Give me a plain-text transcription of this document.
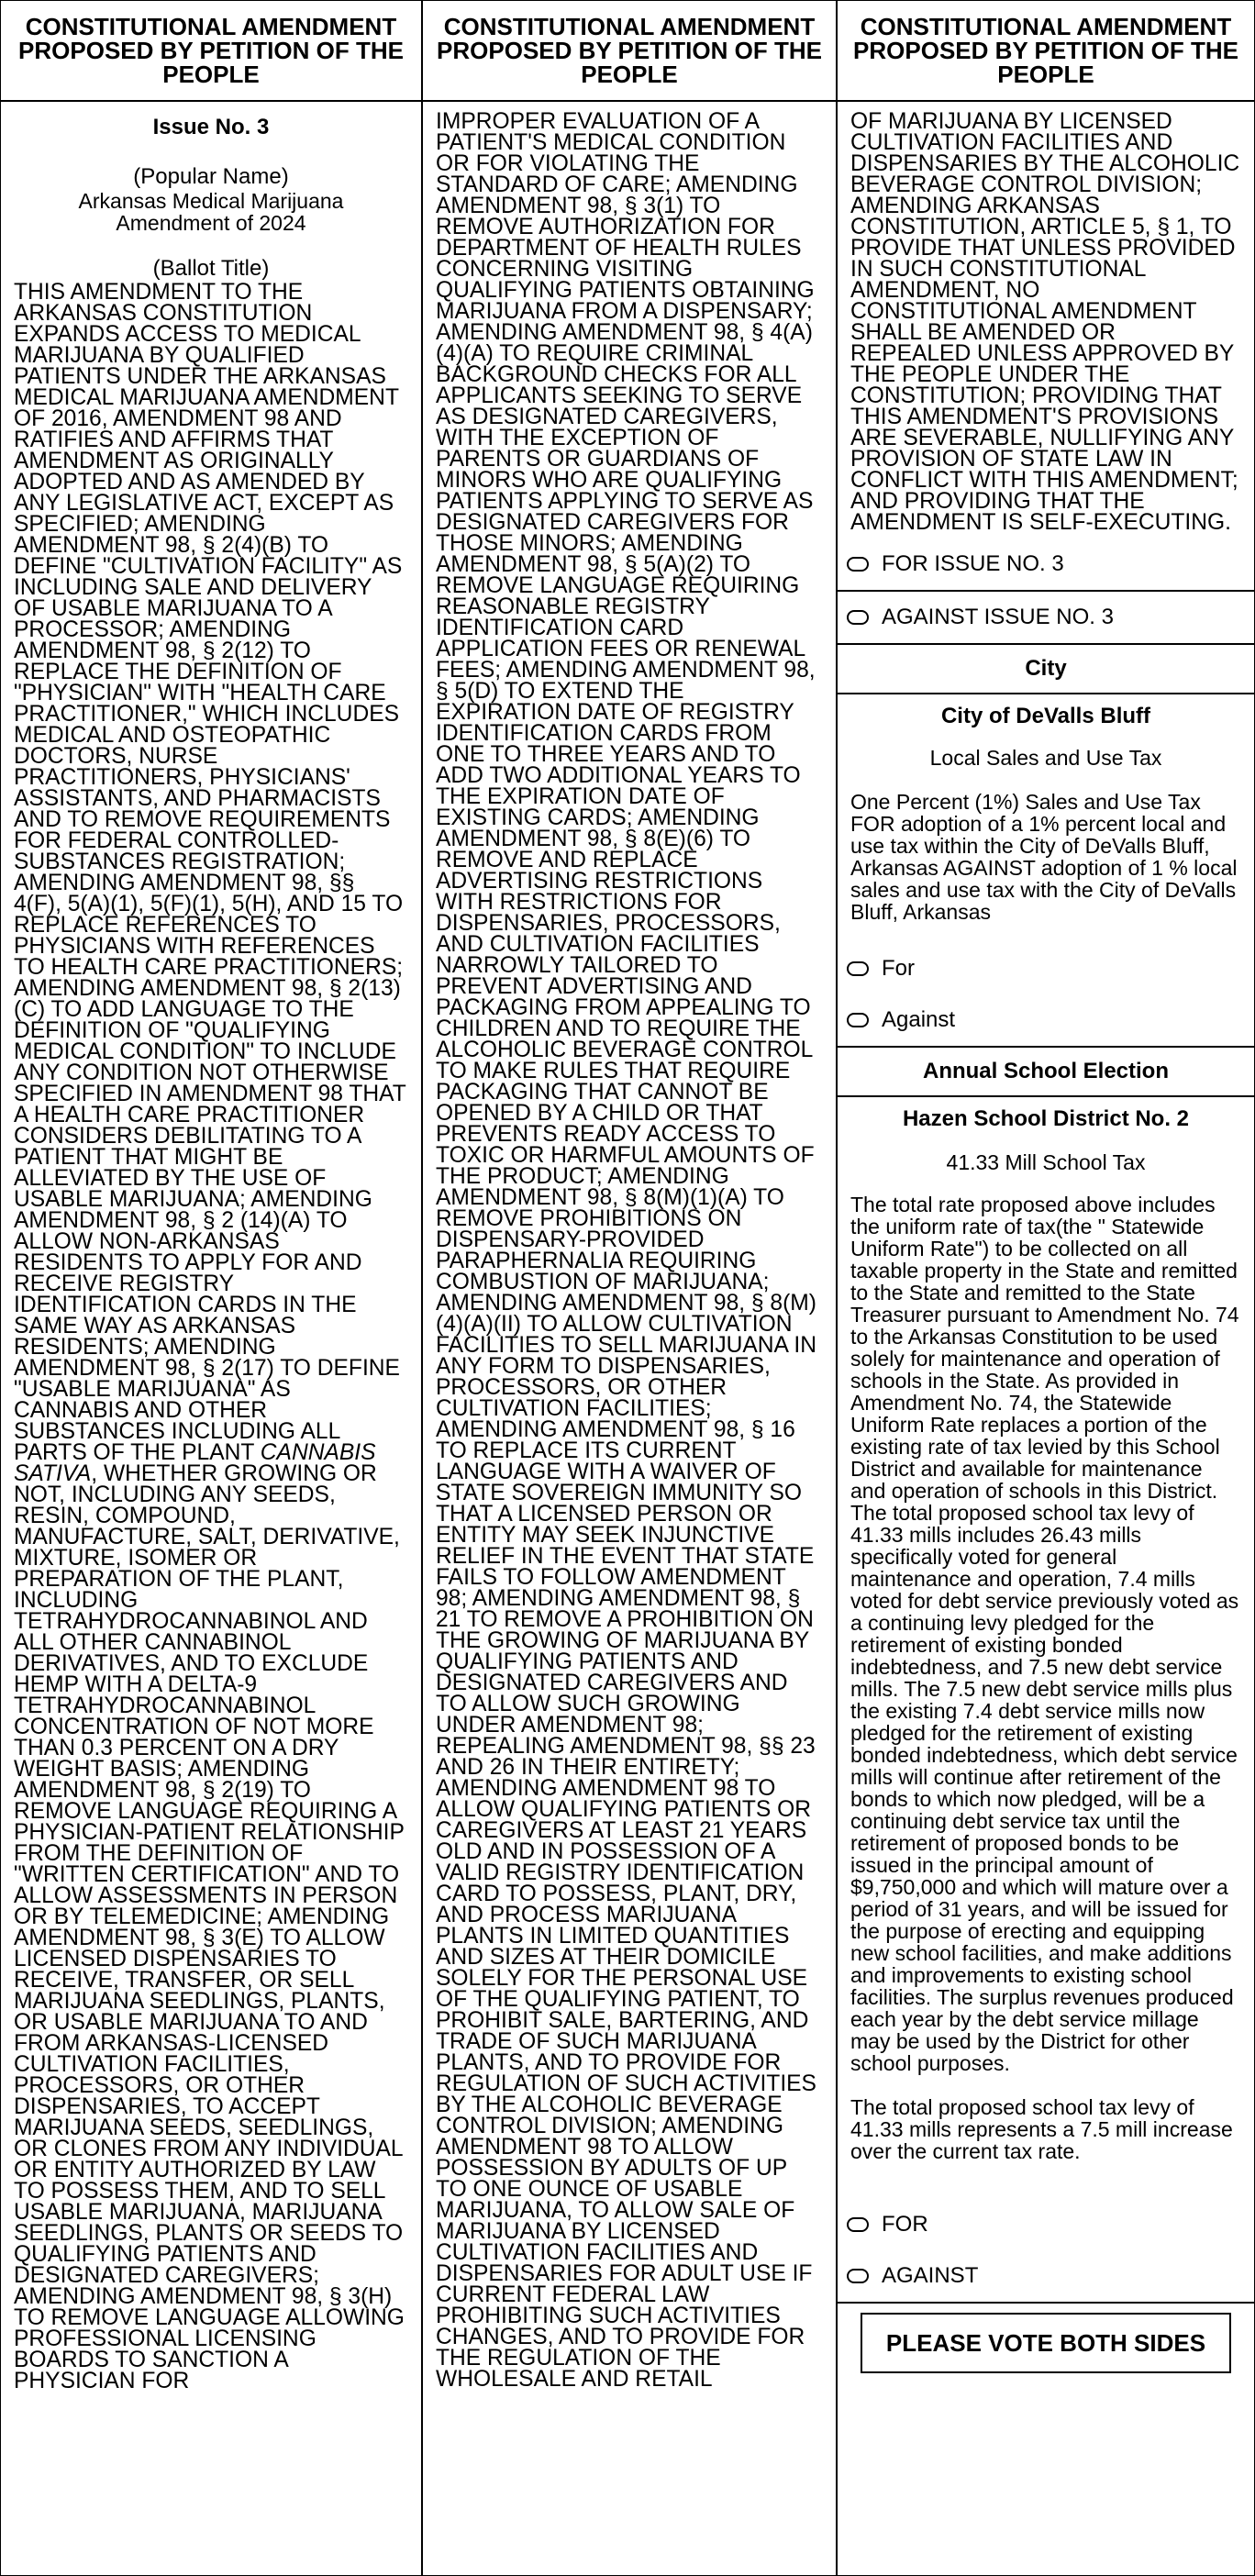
CONSTITUTIONAL AMENDMENT PROPOSED BY PETITION OF THE PEOPLE
Issue No. 3
(Popular Name)
Arkansas Medical Marijuana Amendment of 2024
(Ballot Title)
THIS AMENDMENT TO THE ARKANSAS CONSTITUTION EXPANDS ACCESS TO MEDICAL MARIJUANA BY QUALIFIED PATIENTS UNDER THE ARKANSAS MEDICAL MARIJUANA AMENDMENT OF 2016, AMENDMENT 98 AND RATIFIES AND AFFIRMS THAT AMENDMENT AS ORIGINALLY ADOPTED AND AS AMENDED BY ANY LEGISLATIVE ACT, EXCEPT AS SPECIFIED; AMENDING AMENDMENT 98, § 2(4)(B) TO DEFINE "CULTIVATION FACILITY" AS INCLUDING SALE AND DELIVERY OF USABLE MARIJUANA TO A PROCESSOR; AMENDING AMENDMENT 98, § 2(12) TO REPLACE THE DEFINITION OF "PHYSICIAN" WITH "HEALTH CARE PRACTITIONER," WHICH INCLUDES MEDICAL AND OSTEOPATHIC DOCTORS, NURSE PRACTITIONERS, PHYSICIANS' ASSISTANTS, AND PHARMACISTS AND TO REMOVE REQUIREMENTS FOR FEDERAL CONTROLLED-SUBSTANCES REGISTRATION; AMENDING AMENDMENT 98, §§ 4(F), 5(A)(1), 5(F)(1), 5(H), AND 15 TO REPLACE REFERENCES TO PHYSICIANS WITH REFERENCES TO HEALTH CARE PRACTITIONERS; AMENDING AMENDMENT 98, § 2(13)(C) TO ADD LANGUAGE TO THE DEFINITION OF "QUALIFYING MEDICAL CONDITION" TO INCLUDE ANY CONDITION NOT OTHERWISE SPECIFIED IN AMENDMENT 98 THAT A HEALTH CARE PRACTITIONER CONSIDERS DEBILITATING TO A PATIENT THAT MIGHT BE ALLEVIATED BY THE USE OF USABLE MARIJUANA; AMENDING AMENDMENT 98, § 2 (14)(A) TO ALLOW NON-ARKANSAS RESIDENTS TO APPLY FOR AND RECEIVE REGISTRY IDENTIFICATION CARDS IN THE SAME WAY AS ARKANSAS RESIDENTS; AMENDING AMENDMENT 98, § 2(17) TO DEFINE "USABLE MARIJUANA" AS CANNABIS AND OTHER SUBSTANCES INCLUDING ALL PARTS OF THE PLANT CANNABIS SATIVA, WHETHER GROWING OR NOT, INCLUDING ANY SEEDS, RESIN, COMPOUND, MANUFACTURE, SALT, DERIVATIVE, MIXTURE, ISOMER OR PREPARATION OF THE PLANT, INCLUDING TETRAHYDROCANNABINOL AND ALL OTHER CANNABINOL DERIVATIVES, AND TO EXCLUDE HEMP WITH A DELTA-9 TETRAHYDROCANNABINOL CONCENTRATION OF NOT MORE THAN 0.3 PERCENT ON A DRY WEIGHT BASIS; AMENDING AMENDMENT 98, § 2(19) TO REMOVE LANGUAGE REQUIRING A PHYSICIAN-PATIENT RELATIONSHIP FROM THE DEFINITION OF "WRITTEN CERTIFICATION" AND TO ALLOW ASSESSMENTS IN PERSON OR BY TELEMEDICINE; AMENDING AMENDMENT 98, § 3(E) TO ALLOW LICENSED DISPENSARIES TO RECEIVE, TRANSFER, OR SELL MARIJUANA SEEDLINGS, PLANTS, OR USABLE MARIJUANA TO AND FROM ARKANSAS-LICENSED CULTIVATION FACILITIES, PROCESSORS, OR OTHER DISPENSARIES, TO ACCEPT MARIJUANA SEEDS, SEEDLINGS, OR CLONES FROM ANY INDIVIDUAL OR ENTITY AUTHORIZED BY LAW TO POSSESS THEM, AND TO SELL USABLE MARIJUANA, MARIJUANA SEEDLINGS, PLANTS OR SEEDS TO QUALIFYING PATIENTS AND DESIGNATED CAREGIVERS; AMENDING AMENDMENT 98, § 3(H) TO REMOVE LANGUAGE ALLOWING PROFESSIONAL LICENSING BOARDS TO SANCTION A PHYSICIAN FOR
CONSTITUTIONAL AMENDMENT PROPOSED BY PETITION OF THE PEOPLE
IMPROPER EVALUATION OF A PATIENT'S MEDICAL CONDITION OR FOR VIOLATING THE STANDARD OF CARE; AMENDING AMENDMENT 98, § 3(1) TO REMOVE AUTHORIZATION FOR DEPARTMENT OF HEALTH RULES CONCERNING VISITING QUALIFYING PATIENTS OBTAINING MARIJUANA FROM A DISPENSARY; AMENDING AMENDMENT 98, § 4(A)(4)(A) TO REQUIRE CRIMINAL BACKGROUND CHECKS FOR ALL APPLICANTS SEEKING TO SERVE AS DESIGNATED CAREGIVERS, WITH THE EXCEPTION OF PARENTS OR GUARDIANS OF MINORS WHO ARE QUALIFYING PATIENTS APPLYING TO SERVE AS DESIGNATED CAREGIVERS FOR THOSE MINORS; AMENDING AMENDMENT 98, § 5(A)(2) TO REMOVE LANGUAGE REQUIRING REASONABLE REGISTRY IDENTIFICATION CARD APPLICATION FEES OR RENEWAL FEES; AMENDING AMENDMENT 98, § 5(D) TO EXTEND THE EXPIRATION DATE OF REGISTRY IDENTIFICATION CARDS FROM ONE TO THREE YEARS AND TO ADD TWO ADDITIONAL YEARS TO THE EXPIRATION DATE OF EXISTING CARDS; AMENDING AMENDMENT 98, § 8(E)(6) TO REMOVE AND REPLACE ADVERTISING RESTRICTIONS WITH RESTRICTIONS FOR DISPENSARIES, PROCESSORS, AND CULTIVATION FACILITIES NARROWLY TAILORED TO PREVENT ADVERTISING AND PACKAGING FROM APPEALING TO CHILDREN AND TO REQUIRE THE ALCOHOLIC BEVERAGE CONTROL TO MAKE RULES THAT REQUIRE PACKAGING THAT CANNOT BE OPENED BY A CHILD OR THAT PREVENTS READY ACCESS TO TOXIC OR HARMFUL AMOUNTS OF THE PRODUCT; AMENDING AMENDMENT 98, § 8(M)(1)(A) TO REMOVE PROHIBITIONS ON DISPENSARY-PROVIDED PARAPHERNALIA REQUIRING COMBUSTION OF MARIJUANA; AMENDING AMENDMENT 98, § 8(M)(4)(A)(II) TO ALLOW CULTIVATION FACILITIES TO SELL MARIJUANA IN ANY FORM TO DISPENSARIES, PROCESSORS, OR OTHER CULTIVATION FACILITIES; AMENDING AMENDMENT 98, § 16 TO REPLACE ITS CURRENT LANGUAGE WITH A WAIVER OF STATE SOVEREIGN IMMUNITY SO THAT A LICENSED PERSON OR ENTITY MAY SEEK INJUNCTIVE RELIEF IN THE EVENT THAT STATE FAILS TO FOLLOW AMENDMENT 98; AMENDING AMENDMENT 98, § 21 TO REMOVE A PROHIBITION ON THE GROWING OF MARIJUANA BY QUALIFYING PATIENTS AND DESIGNATED CAREGIVERS AND TO ALLOW SUCH GROWING UNDER AMENDMENT 98; REPEALING AMENDMENT 98, §§ 23 AND 26 IN THEIR ENTIRETY; AMENDING AMENDMENT 98 TO ALLOW QUALIFYING PATIENTS OR CAREGIVERS AT LEAST 21 YEARS OLD AND IN POSSESSION OF A VALID REGISTRY IDENTIFICATION CARD TO POSSESS, PLANT, DRY, AND PROCESS MARIJUANA PLANTS IN LIMITED QUANTITIES AND SIZES AT THEIR DOMICILE SOLELY FOR THE PERSONAL USE OF THE QUALIFYING PATIENT, TO PROHIBIT SALE, BARTERING, AND TRADE OF SUCH MARIJUANA PLANTS, AND TO PROVIDE FOR REGULATION OF SUCH ACTIVITIES BY THE ALCOHOLIC BEVERAGE CONTROL DIVISION; AMENDING AMENDMENT 98 TO ALLOW POSSESSION BY ADULTS OF UP TO ONE OUNCE OF USABLE MARIJUANA, TO ALLOW SALE OF MARIJUANA BY LICENSED CULTIVATION FACILITIES AND DISPENSARIES FOR ADULT USE IF CURRENT FEDERAL LAW PROHIBITING SUCH ACTIVITIES CHANGES, AND TO PROVIDE FOR THE REGULATION OF THE WHOLESALE AND RETAIL
CONSTITUTIONAL AMENDMENT PROPOSED BY PETITION OF THE PEOPLE
OF MARIJUANA BY LICENSED CULTIVATION FACILITIES AND DISPENSARIES BY THE ALCOHOLIC BEVERAGE CONTROL DIVISION; AMENDING ARKANSAS CONSTITUTION, ARTICLE 5, § 1, TO PROVIDE THAT UNLESS PROVIDED IN SUCH CONSTITUTIONAL AMENDMENT, NO CONSTITUTIONAL AMENDMENT SHALL BE AMENDED OR REPEALED UNLESS APPROVED BY THE PEOPLE UNDER THE CONSTITUTION; PROVIDING THAT THIS AMENDMENT'S PROVISIONS ARE SEVERABLE, NULLIFYING ANY PROVISION OF STATE LAW IN CONFLICT WITH THIS AMENDMENT; AND PROVIDING THAT THE AMENDMENT IS SELF-EXECUTING.
FOR ISSUE NO. 3
AGAINST ISSUE NO. 3
City
City of DeValls Bluff
Local Sales and Use Tax
One Percent (1%) Sales and Use Tax FOR adoption of a 1% percent local and use tax within the City of DeValls Bluff, Arkansas AGAINST adoption of 1 % local sales and use tax with the City of DeValls Bluff, Arkansas
For
Against
Annual School Election
Hazen School District No. 2
41.33 Mill School Tax
The total rate proposed above includes the uniform rate of tax(the " Statewide Uniform Rate") to be collected on all taxable property in the State and remitted to the State and remitted to the State Treasurer pursuant to Amendment No. 74 to the Arkansas Constitution to be used solely for maintenance and operation of schools in the State. As provided in Amendment No. 74, the Statewide Uniform Rate replaces a portion of the existing rate of tax levied by this School District and available for maintenance and operation of schools in this District. The total proposed school tax levy of 41.33 mills includes 26.43 mills specifically voted for general maintenance and operation, 7.4 mills voted for debt service previously voted as a continuing levy pledged for the retirement of existing bonded indebtedness, and 7.5 new debt service mills. The 7.5 new debt service mills plus the existing 7.4 debt service mills now pledged for the retirement of existing bonded indebtedness, which debt service mills will continue after retirement of the bonds to which now pledged, will be a continuing debt service tax until the retirement of proposed bonds to be issued in the principal amount of $9,750,000 and which will mature over a period of 31 years, and will be issued for the purpose of erecting and equipping new school facilities, and make additions and improvements to existing school facilities. The surplus revenues produced each year by the debt service millage may be used by the District for other school purposes.
The total proposed school tax levy of 41.33 mills represents a 7.5 mill increase over the current tax rate.
FOR
AGAINST
PLEASE VOTE BOTH SIDES
